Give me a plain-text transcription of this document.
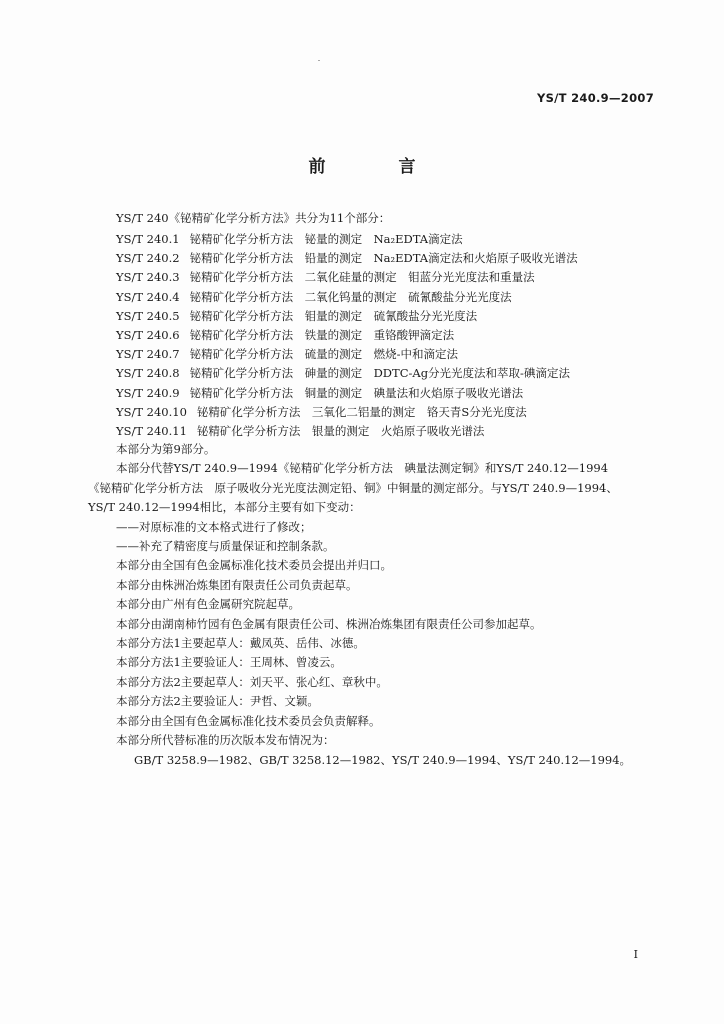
YS/T 240.9—2007
前　言
YS/T 240《铋精矿化学分析方法》共分为11个部分：
YS/T 240.1 铋精矿化学分析方法　铋量的测定　Na₂EDTA滴定法
YS/T 240.2 铋精矿化学分析方法　铅量的测定　Na₂EDTA滴定法和火焰原子吸收光谱法
YS/T 240.3 铋精矿化学分析方法　二氧化硅量的测定　钼蓝分光光度法和重量法
YS/T 240.4 铋精矿化学分析方法　二氧化钨量的测定　硫氰酸盐分光光度法
YS/T 240.5 铋精矿化学分析方法　钼量的测定　硫氰酸盐分光光度法
YS/T 240.6 铋精矿化学分析方法　铁量的测定　重铬酸钾滴定法
YS/T 240.7 铋精矿化学分析方法　硫量的测定　燃烧-中和滴定法
YS/T 240.8 铋精矿化学分析方法　砷量的测定　DDTC-Ag分光光度法和萃取-碘滴定法
YS/T 240.9 铋精矿化学分析方法　铜量的测定　碘量法和火焰原子吸收光谱法
YS/T 240.10 铋精矿化学分析方法　三氧化二铝量的测定　铬天青S分光光度法
YS/T 240.11 铋精矿化学分析方法　银量的测定　火焰原子吸收光谱法

本部分为第9部分。

本部分代替YS/T 240.9—1994《铋精矿化学分析方法　碘量法测定铜》和YS/T 240.12—1994

《铋精矿化学分析方法　原子吸收分光光度法测定铅、铜》中铜量的测定部分。与YS/T 240.9—1994、

YS/T 240.12—1994相比，本部分主要有如下变动：

——对原标准的文本格式进行了修改；

——补充了精密度与质量保证和控制条款。

本部分由全国有色金属标准化技术委员会提出并归口。

本部分由株洲冶炼集团有限责任公司负责起草。

本部分由广州有色金属研究院起草。

本部分由湖南柿竹园有色金属有限责任公司、株洲冶炼集团有限责任公司参加起草。

本部分方法1主要起草人：戴凤英、岳伟、冰德。

本部分方法1主要验证人：王周林、曾凌云。

本部分方法2主要起草人：刘天平、张心红、章秋中。

本部分方法2主要验证人：尹哲、文颖。

本部分由全国有色金属标准化技术委员会负责解释。

本部分所代替标准的历次版本发布情况为：

GB/T 3258.9—1982、GB/T 3258.12—1982、YS/T 240.9—1994、YS/T 240.12—1994。

I
